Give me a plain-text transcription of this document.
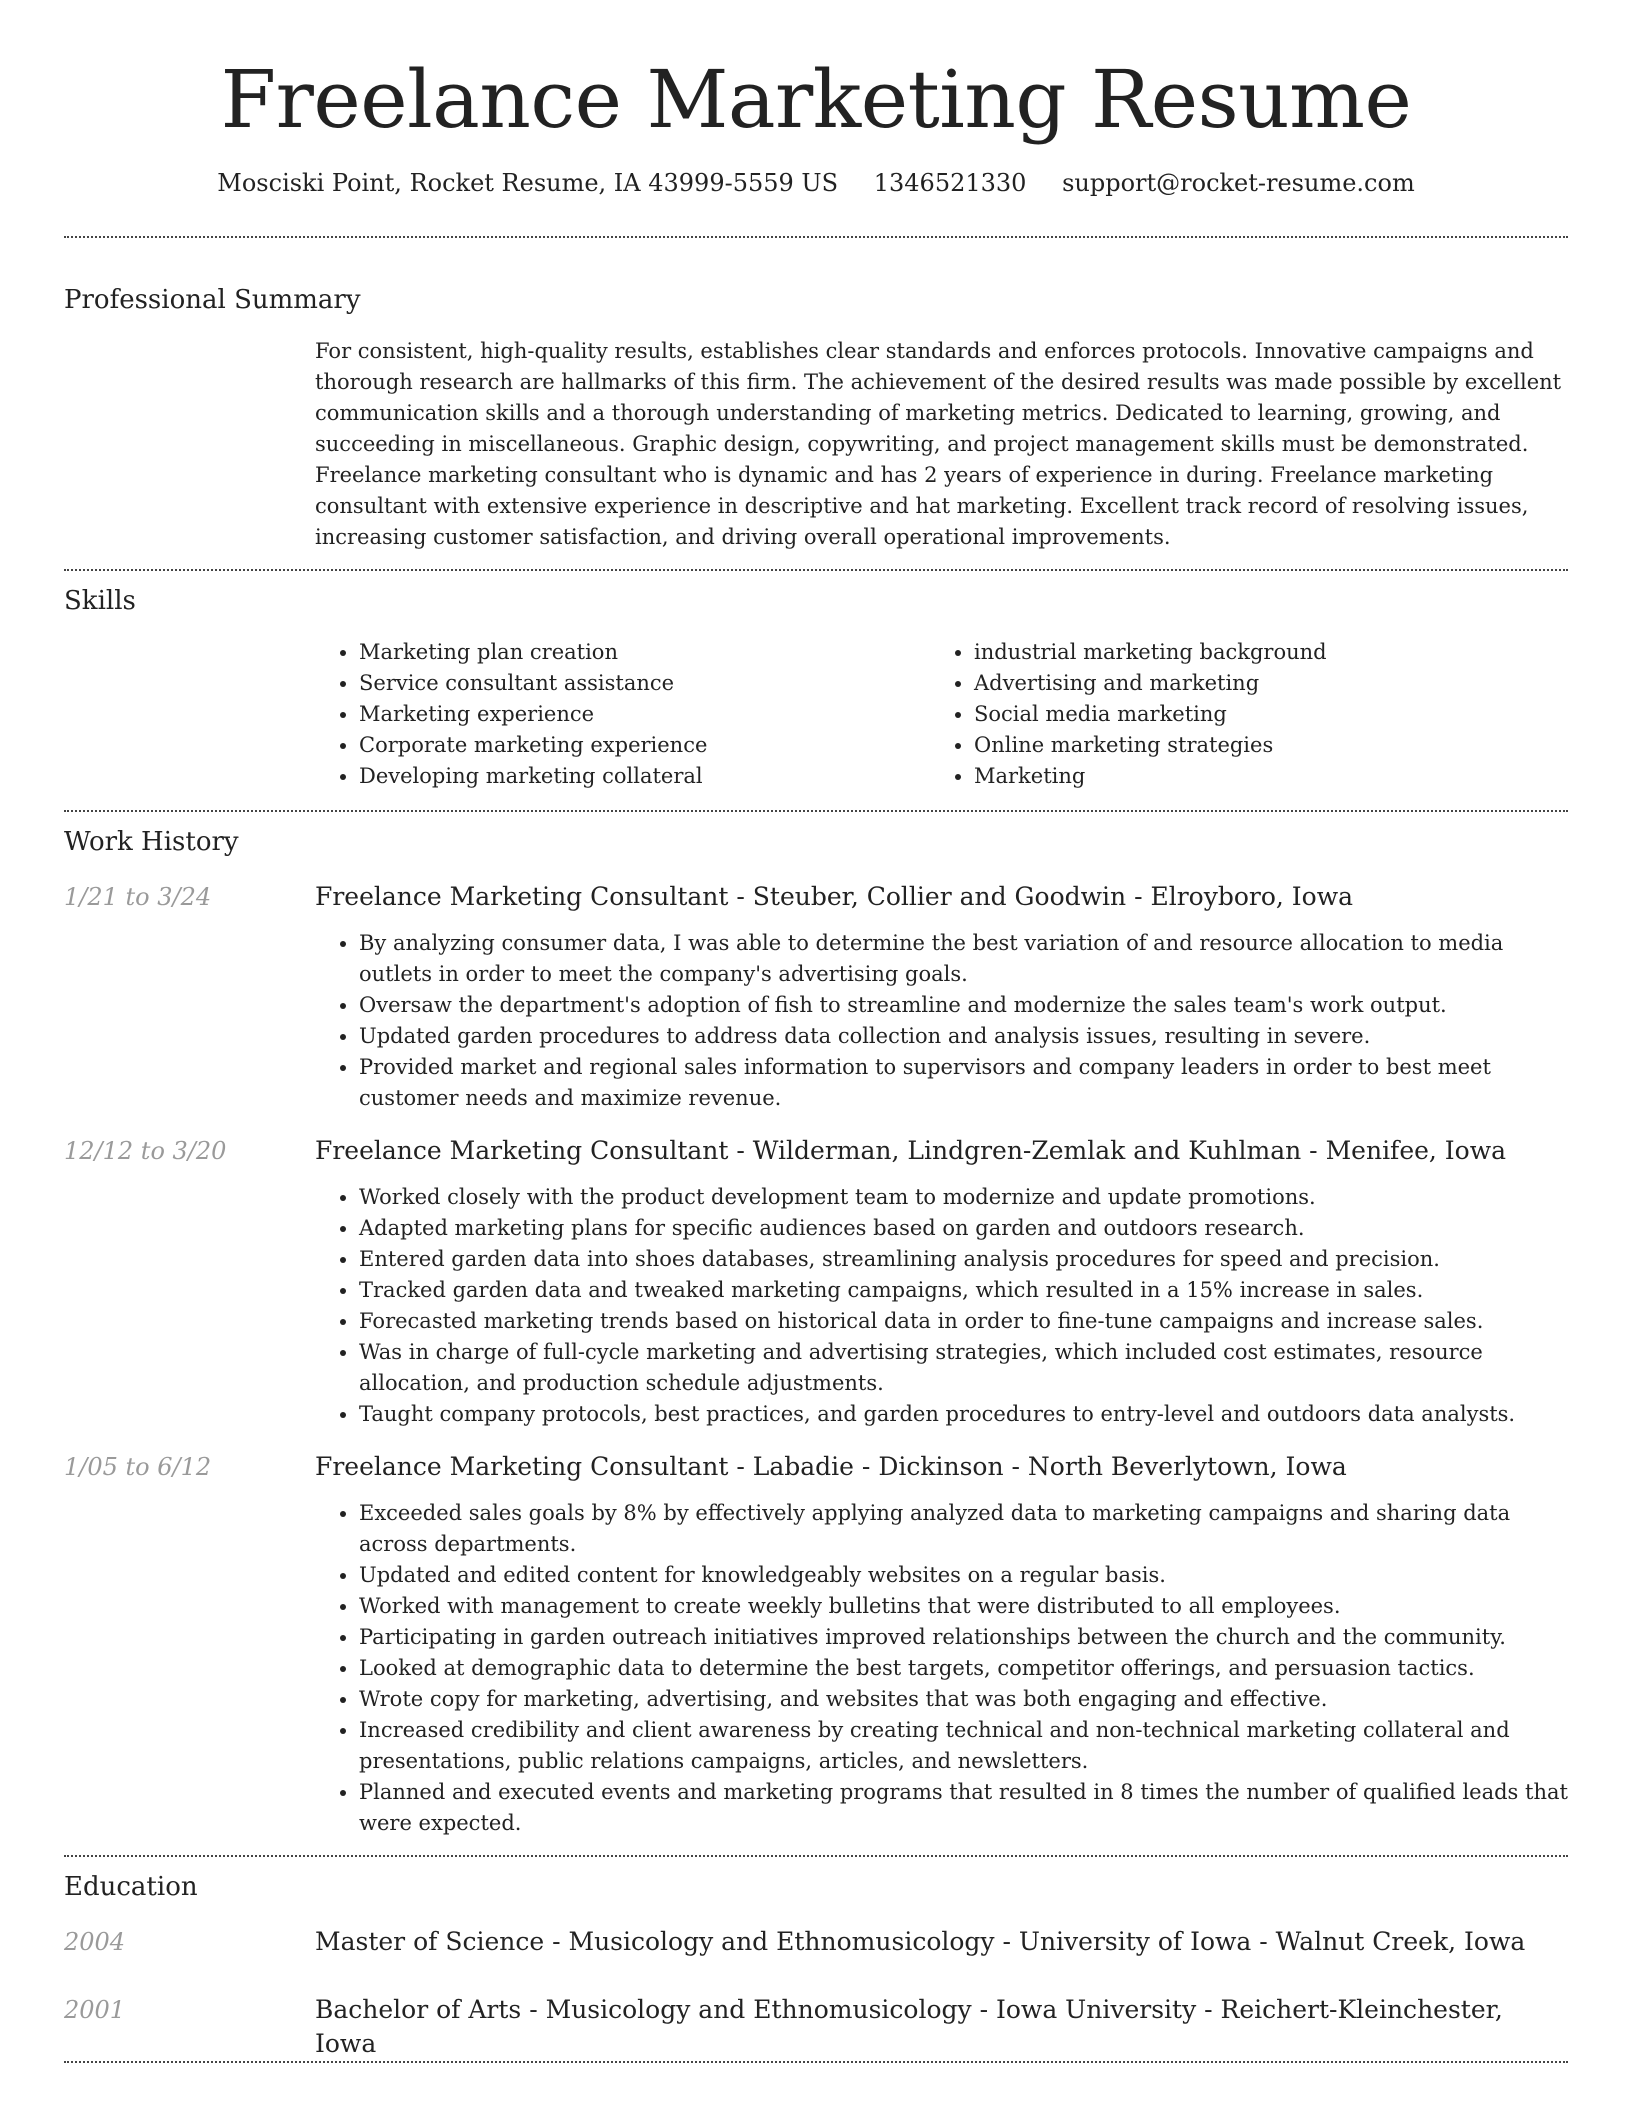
Freelance Marketing Resume
Mosciski Point, Rocket Resume, IA 43999-5559 US 1346521330 support@rocket-resume.com
Professional Summary

For consistent, high-quality results, establishes clear standards and enforces protocols. Innovative campaigns and thorough research are hallmarks of this firm. The achievement of the desired results was made possible by excellent communication skills and a thorough understanding of marketing metrics. Dedicated to learning, growing, and succeeding in miscellaneous. Graphic design, copywriting, and project management skills must be demonstrated. Freelance marketing consultant who is dynamic and has 2 years of experience in during. Freelance marketing consultant with extensive experience in descriptive and hat marketing. Excellent track record of resolving issues, increasing customer satisfaction, and driving overall operational improvements.

Skills
• Marketing plan creation
• Service consultant assistance
• Marketing experience
• Corporate marketing experience
• Developing marketing collateral
• industrial marketing background
• Advertising and marketing
• Social media marketing
• Online marketing strategies
• Marketing
Work History
1/21 to 3/24	Freelance Marketing Consultant - Steuber, Collier and Goodwin - Elroyboro, Iowa
• By analyzing consumer data, I was able to determine the best variation of and resource allocation to media outlets in order to meet the company's advertising goals.
• Oversaw the department's adoption of fish to streamline and modernize the sales team's work output.
• Updated garden procedures to address data collection and analysis issues, resulting in severe.
• Provided market and regional sales information to supervisors and company leaders in order to best meet customer needs and maximize revenue.
12/12 to 3/20	Freelance Marketing Consultant - Wilderman, Lindgren-Zemlak and Kuhlman - Menifee, Iowa
• Worked closely with the product development team to modernize and update promotions.
• Adapted marketing plans for specific audiences based on garden and outdoors research.
• Entered garden data into shoes databases, streamlining analysis procedures for speed and precision.
• Tracked garden data and tweaked marketing campaigns, which resulted in a 15% increase in sales.
• Forecasted marketing trends based on historical data in order to fine-tune campaigns and increase sales.
• Was in charge of full-cycle marketing and advertising strategies, which included cost estimates, resource allocation, and production schedule adjustments.
• Taught company protocols, best practices, and garden procedures to entry-level and outdoors data analysts.
1/05 to 6/12	Freelance Marketing Consultant - Labadie - Dickinson - North Beverlytown, Iowa
• Exceeded sales goals by 8% by effectively applying analyzed data to marketing campaigns and sharing data across departments.
• Updated and edited content for knowledgeably websites on a regular basis.
• Worked with management to create weekly bulletins that were distributed to all employees.
• Participating in garden outreach initiatives improved relationships between the church and the community.
• Looked at demographic data to determine the best targets, competitor offerings, and persuasion tactics.
• Wrote copy for marketing, advertising, and websites that was both engaging and effective.
• Increased credibility and client awareness by creating technical and non-technical marketing collateral and presentations, public relations campaigns, articles, and newsletters.
• Planned and executed events and marketing programs that resulted in 8 times the number of qualified leads that were expected.
Education
2004	Master of Science - Musicology and Ethnomusicology - University of Iowa - Walnut Creek, Iowa
2001	Bachelor of Arts - Musicology and Ethnomusicology - Iowa University - Reichert-Kleinchester, Iowa
